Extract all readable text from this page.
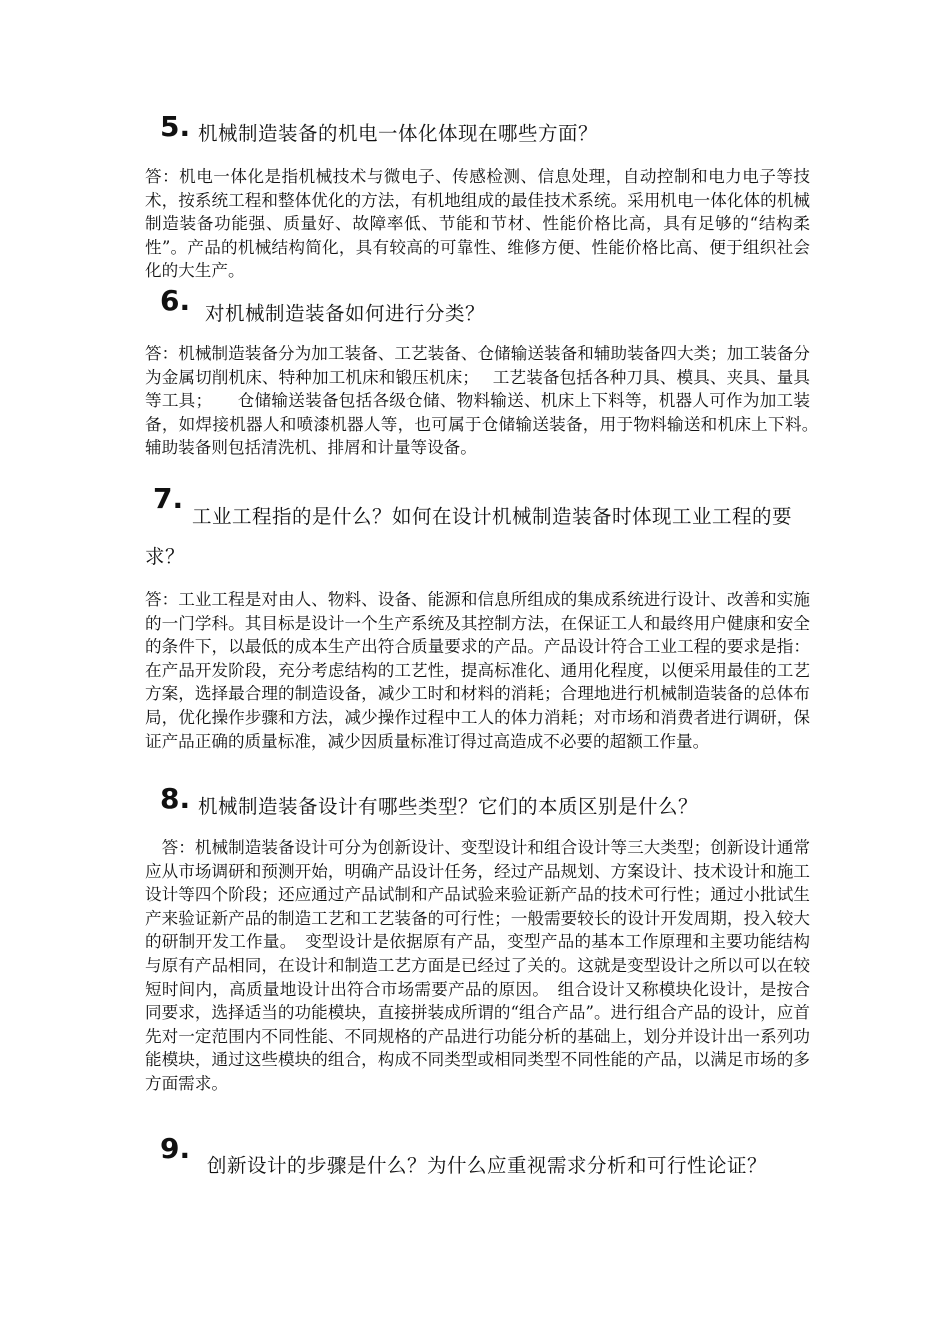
5. 机械制造装备的机电一体化体现在哪些方面？
答：机电一体化是指机械技术与微电子、传感检测、信息处理，自动控制和电力电子等技术，按系统工程和整体优化的方法，有机地组成的最佳技术系统。采用机电一体化体的机械制造装备功能强、质量好、故障率低、节能和节材、性能价格比高，具有足够的“结构柔性”。产品的机械结构简化，具有较高的可靠性、维修方便、性能价格比高、便于组织社会化的大生产。
6. 对机械制造装备如何进行分类？
答：机械制造装备分为加工装备、工艺装备、仓储输送装备和辅助装备四大类；加工装备分为金属切削机床、特种加工机床和锻压机床；　 工艺装备包括各种刀具、模具、夹具、量具等工具；　　仓储输送装备包括各级仓储、物料输送、机床上下料等，机器人可作为加工装备，如焊接机器人和喷漆机器人等，也可属于仓储输送装备，用于物料输送和机床上下料。　辅助装备则包括清洗机、排屑和计量等设备。
7.
工业工程指的是什么？如何在设计机械制造装备时体现工业工程的要求？
答：工业工程是对由人、物料、设备、能源和信息所组成的集成系统进行设计、改善和实施的一门学科。其目标是设计一个生产系统及其控制方法，在保证工人和最终用户健康和安全的条件下，以最低的成本生产出符合质量要求的产品。产品设计符合工业工程的要求是指：在产品开发阶段，充分考虑结构的工艺性，提高标准化、通用化程度，以便采用最佳的工艺方案，选择最合理的制造设备，减少工时和材料的消耗；合理地进行机械制造装备的总体布局，优化操作步骤和方法，减少操作过程中工人的体力消耗；对市场和消费者进行调研，保证产品正确的质量标准，减少因质量标准订得过高造成不必要的超额工作量。
8. 机械制造装备设计有哪些类型？它们的本质区别是什么？
　答：机械制造装备设计可分为创新设计、变型设计和组合设计等三大类型；创新设计通常应从市场调研和预测开始，明确产品设计任务，经过产品规划、方案设计、技术设计和施工设计等四个阶段；还应通过产品试制和产品试验来验证新产品的技术可行性；通过小批试生产来验证新产品的制造工艺和工艺装备的可行性；一般需要较长的设计开发周期，投入较大的研制开发工作量。　变型设计是依据原有产品，变型产品的基本工作原理和主要功能结构与原有产品相同，在设计和制造工艺方面是已经过了关的。这就是变型设计之所以可以在较短时间内，高质量地设计出符合市场需要产品的原因。　组合设计又称模块化设计，是按合同要求，选择适当的功能模块，直接拼装成所谓的“组合产品”。进行组合产品的设计，应首先对一定范围内不同性能、不同规格的产品进行功能分析的基础上，划分并设计出一系列功能模块，通过这些模块的组合，构成不同类型或相同类型不同性能的产品，以满足市场的多方面需求。
9.
创新设计的步骤是什么？为什么应重视需求分析和可行性论证？
